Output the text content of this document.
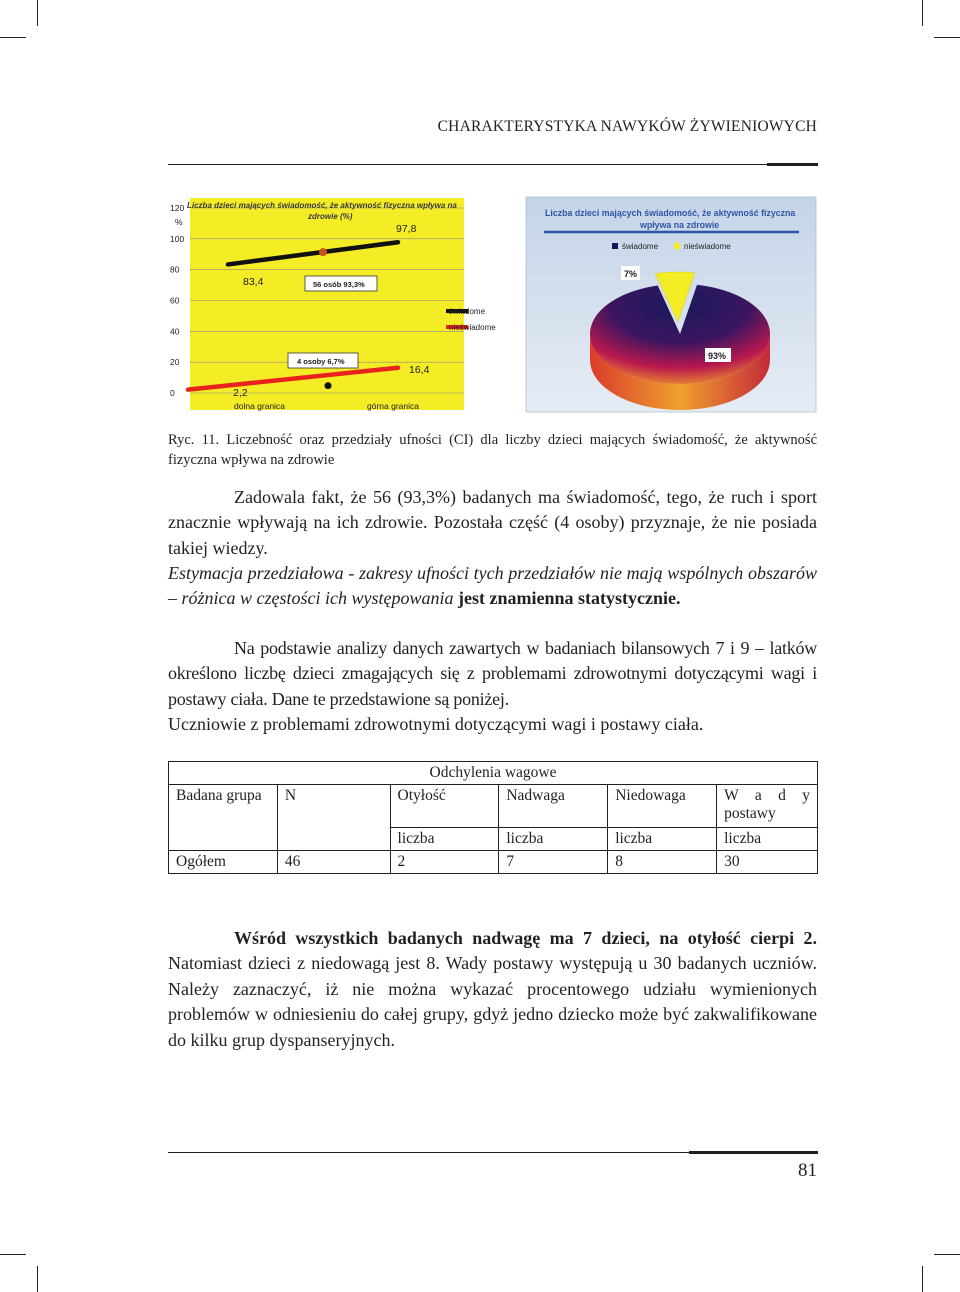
CHARAKTERYSTYKA NAWYKÓW ŻYWIENIOWYCH
120
100
80
60
40
20
0
%
Liczba dzieci mających świadomość, że aktywność fizyczna wpływa na
zdrowie (%)
83,4
97,8
2,2
16,4
56 osób 93,3%
4 osoby 6,7%
dolna granica	górna granica
świadome
nieświadome
Liczba dzieci mających świadomość, że aktywność fizyczna
wpływa na zdrowie
świadome	nieświadome
7%
93%
Ryc. 11. Liczebność oraz przedziały ufności (CI) dla liczby dzieci mających świadomość, że aktywność fizyczna wpływa na zdrowie

Zadowala fakt, że 56 (93,3%) badanych ma świadomość, tego, że ruch i sport znacznie wpływają na ich zdrowie. Pozostała część (4 osoby) przyznaje, że nie posiada takiej wiedzy.

Estymacja przedziałowa - zakresy ufności tych przedziałów nie mają wspólnych obszarów – różnica w częstości ich występowania jest znamienna statystycznie.

Na podstawie analizy danych zawartych w badaniach bilansowych 7 i 9 – latków określono liczbę dzieci zmagających się z problemami zdrowotnymi dotyczącymi wagi i postawy ciała. Dane te przedstawione są poniżej.

Uczniowie z problemami zdrowotnymi dotyczącymi wagi i postawy ciała.

Odchylenia wagowe					
Badana grupa	N	Otyłość	Nadwaga	Niedowaga	W a d y postawy
		liczba	liczba	liczba	liczba
Ogółem	46	2	7	8	30

Wśród wszystkich badanych nadwagę ma 7 dzieci, na otyłość cierpi 2. Natomiast dzieci z niedowagą jest 8. Wady postawy występują u 30 badanych uczniów. Należy zaznaczyć, iż nie można wykazać procentowego udziału wymienionych problemów w odniesieniu do całej grupy, gdyż jedno dziecko może być zakwalifikowane do kilku grup dyspanseryjnych.

81
